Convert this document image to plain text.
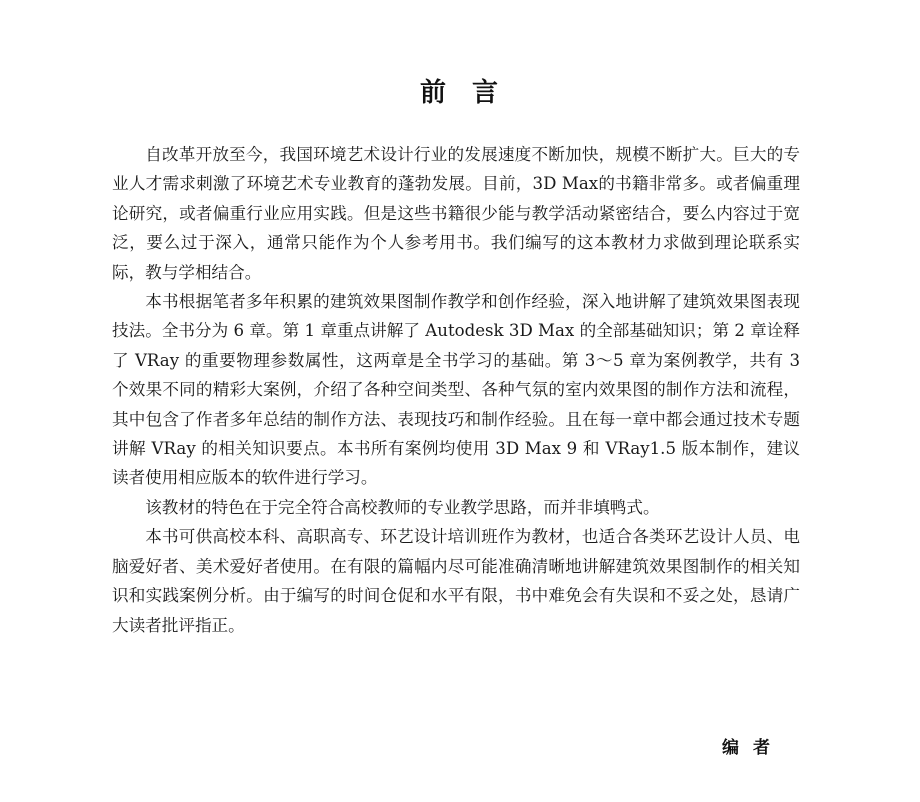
前 言

自改革开放至今，我国环境艺术设计行业的发展速度不断加快，规模不断扩大。巨大的专业人才需求刺激了环境艺术专业教育的蓬勃发展。目前，3D Max的书籍非常多。或者偏重理论研究，或者偏重行业应用实践。但是这些书籍很少能与教学活动紧密结合，要么内容过于宽泛，要么过于深入，通常只能作为个人参考用书。我们编写的这本教材力求做到理论联系实际，教与学相结合。

本书根据笔者多年积累的建筑效果图制作教学和创作经验，深入地讲解了建筑效果图表现技法。全书分为 6 章。第 1 章重点讲解了 Autodesk 3D Max 的全部基础知识；第 2 章诠释了 VRay 的重要物理参数属性，这两章是全书学习的基础。第 3～5 章为案例教学，共有 3 个效果不同的精彩大案例，介绍了各种空间类型、各种气氛的室内效果图的制作方法和流程，其中包含了作者多年总结的制作方法、表现技巧和制作经验。且在每一章中都会通过技术专题讲解 VRay 的相关知识要点。本书所有案例均使用 3D Max 9 和 VRay1.5 版本制作，建议读者使用相应版本的软件进行学习。

该教材的特色在于完全符合高校教师的专业教学思路，而并非填鸭式。

本书可供高校本科、高职高专、环艺设计培训班作为教材，也适合各类环艺设计人员、电脑爱好者、美术爱好者使用。在有限的篇幅内尽可能准确清晰地讲解建筑效果图制作的相关知识和实践案例分析。由于编写的时间仓促和水平有限，书中难免会有失误和不妥之处，恳请广大读者批评指正。

编者
